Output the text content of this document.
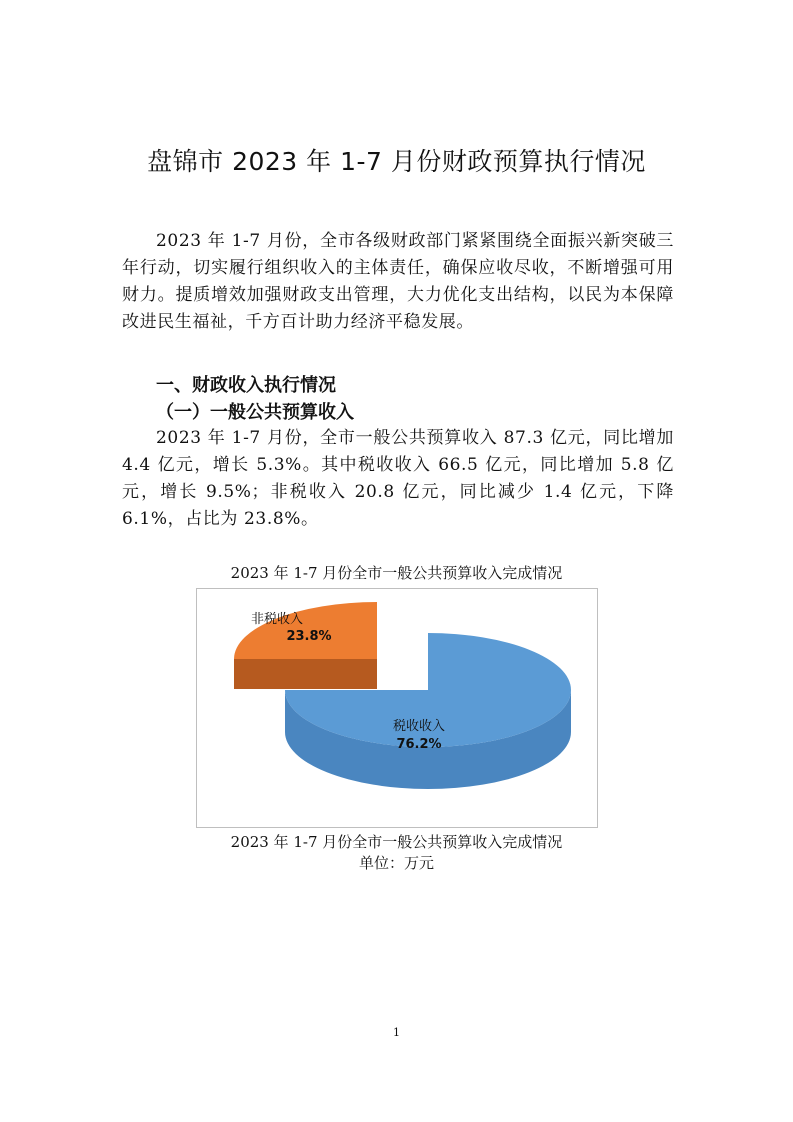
盘锦市 2023 年 1-7 月份财政预算执行情况

2023 年 1-7 月份，全市各级财政部门紧紧围绕全面振兴新突破三年行动，切实履行组织收入的主体责任，确保应收尽收，不断增强可用财力。提质增效加强财政支出管理，大力优化支出结构，以民为本保障改进民生福祉，千方百计助力经济平稳发展。

一、财政收入执行情况
（一）一般公共预算收入

2023 年 1-7 月份，全市一般公共预算收入 87.3 亿元，同比增加 4.4 亿元，增长 5.3%。其中税收收入 66.5 亿元，同比增加 5.8 亿元，增长 9.5%；非税收入 20.8 亿元，同比减少 1.4 亿元，下降 6.1%，占比为 23.8%。

2023 年 1-7 月份全市一般公共预算收入完成情况
非税收入
23.8%
税收收入
76.2%
2023 年 1-7 月份全市一般公共预算收入完成情况
单位：万元
1
